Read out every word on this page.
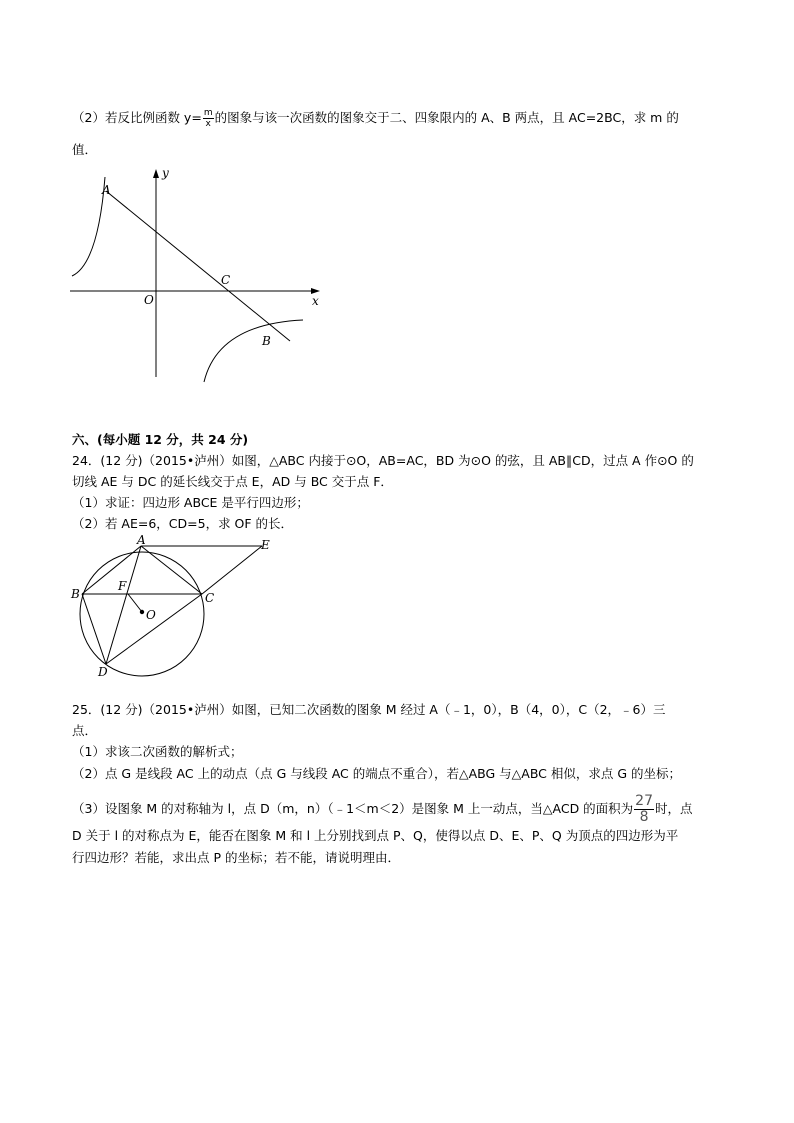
（2）若反比例函数 $y= \frac{m}{x}$ 的图象与该一次函数的图象交于二、四象限内的 A、B 两点，且 AC=2BC，求 m 的
值．
A
C
O	x
y
B
六、(每小题 12 分，共 24 分)
24．(12 分)（2015•泸州）如图，△ABC 内接于⊙O，AB=AC，BD 为⊙O 的弦，且 AB∥CD，过点 A 作⊙O 的
切线 AE 与 DC 的延长线交于点 E，AD 与 BC 交于点 F．
（1）求证：四边形 ABCE 是平行四边形；
（2）若 AE=6，CD=5，求 OF 的长．
A	E
B	C
F
O
D
25．(12 分)（2015•泸州）如图，已知二次函数的图象 M 经过 A（﹣1，0），B（4，0），C（2，﹣6）三
点．
（1）求该二次函数的解析式；
（2）点 G 是线段 AC 上的动点（点 G 与线段 AC 的端点不重合），若△ABG 与△ABC 相似，求点 G 的坐标；
（3）设图象 M 的对称轴为 l，点 D（m，n）（﹣1＜m＜2）是图象 M 上一动点，当△ACD 的面积为 $\frac{27}{8}$ 时，点
D 关于 l 的对称点为 E，能否在图象 M 和 l 上分别找到点 P、Q，使得以点 D、E、P、Q 为顶点的四边形为平
行四边形？若能，求出点 P 的坐标；若不能，请说明理由．
